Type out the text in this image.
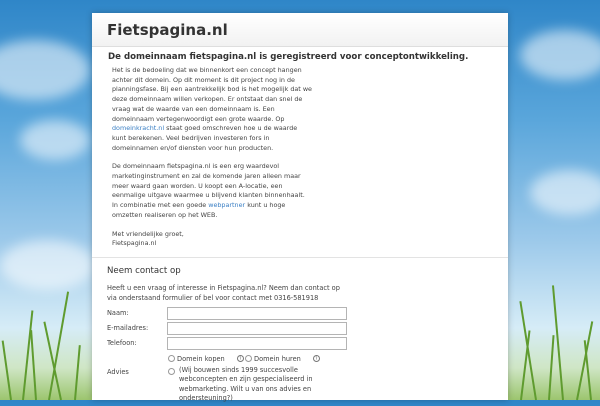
Fietspagina.nl
De domeinnaam fietspagina.nl is geregistreerd voor conceptontwikkeling.

Het is de bedoeling dat we binnenkort een concept hangen achter dit domein. Op dit moment is dit project nog in de planningsfase. Bij een aantrekkelijk bod is het mogelijk dat we deze domeinnaam willen verkopen. Er ontstaat dan snel de vraag wat de waarde van een domeinnaam is. Een domeinnaam vertegenwoordigt een grote waarde. Op domeinkracht.nl staat goed omschreven hoe u de waarde kunt berekenen. Veel bedrijven investeren fors in domeinnamen en/of diensten voor hun producten.

De domeinnaam fietspagina.nl is een erg waardevol marketinginstrument en zal de komende jaren alleen maar meer waard gaan worden. U koopt een A-locatie, een eenmalige uitgave waarmee u blijvend klanten binnenhaalt. In combinatie met een goede webpartner kunt u hoge omzetten realiseren op het WEB.

Met vriendelijke groet,
Fietspagina.nl

Neem contact op
Heeft u een vraag of interesse in Fietspagina.nl? Neem dan contact op via onderstaand formulier of bel voor contact met 0316-581918
Naam:
E-mailadres:
Telefoon:
Domein kopen	?	Domein huren	?
Advies	(Wij bouwen sinds 1999 succesvolle webconcepten en zijn gespecialiseerd in webmarketing. Wilt u van ons advies en ondersteuning?)
